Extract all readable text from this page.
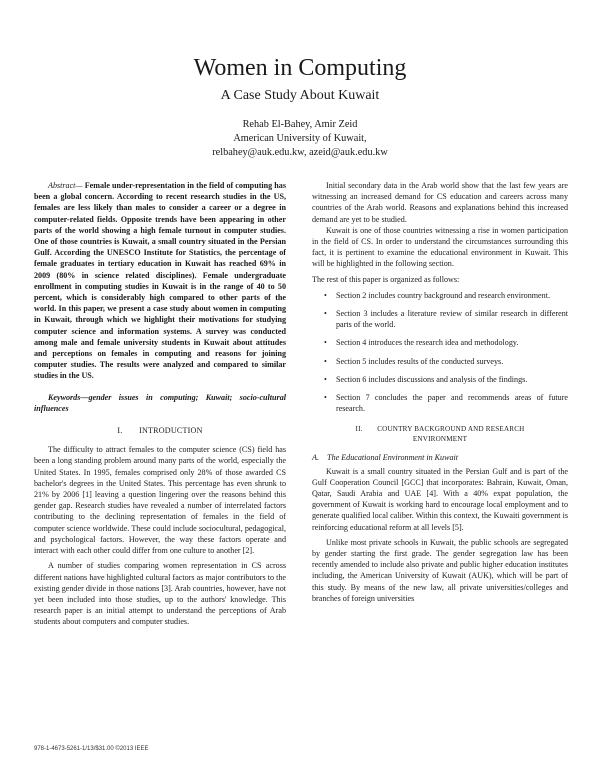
Women in Computing
A Case Study About Kuwait
Rehab El-Bahey, Amir Zeid
American University of Kuwait,
relbahey@auk.edu.kw, azeid@auk.edu.kw

Abstract— Female under-representation in the field of computing has been a global concern. According to recent research studies in the US, females are less likely than males to consider a career or a degree in computer-related fields. Opposite trends have been appearing in other parts of the world showing a high female turnout in computer studies. One of those countries is Kuwait, a small country situated in the Persian Gulf. According the UNESCO Institute for Statistics, the percentage of female graduates in tertiary education in Kuwait has reached 69% in 2009 (80% in science related disciplines). Female undergraduate enrollment in computing studies in Kuwait is in the range of 40 to 50 percent, which is considerably high compared to other parts of the world. In this paper, we present a case study about women in computing in Kuwait, through which we highlight their motivations for studying computer science and information systems. A survey was conducted among male and female university students in Kuwait about attitudes and perceptions on females in computing and reasons for joining computer studies. The results were analyzed and compared to similar studies in the US.

Keywords—gender issues in computing; Kuwait; socio-cultural influences

I.  INTRODUCTION

The difficulty to attract females to the computer science (CS) field has been a long standing problem around many parts of the world, especially the United States. In 1995, females comprised only 28% of those awarded CS bachelor's degrees in the United States. This percentage has even shrunk to 21% by 2006 [1] leaving a question lingering over the reasons behind this gender gap. Research studies have revealed a number of interrelated factors contributing to the declining representation of females in the field of computer science worldwide. These could include sociocultural, pedagogical, and psychological factors. However, the way these factors operate and interact with each other could differ from one culture to another [2].

A number of studies comparing women representation in CS across different nations have highlighted cultural factors as major contributors to the existing gender divide in those nations [3]. Arab countries, however, have not yet been included into those studies, up to the authors' knowledge. This research paper is an initial attempt to understand the perceptions of Arab students about computers and computer studies.

Initial secondary data in the Arab world show that the last few years are witnessing an increased demand for CS education and careers across many countries of the Arab world. Reasons and explanations behind this increased demand are yet to be studied.

Kuwait is one of those countries witnessing a rise in women participation in the field of CS. In order to understand the circumstances surrounding this fact, it is pertinent to examine the educational environment in Kuwait. This will be highlighted in the following section.

The rest of this paper is organized as follows:

• Section 2 includes country background and research environment.
• Section 3 includes a literature review of similar research in different parts of the world.
• Section 4 introduces the research idea and methodology.
• Section 5 includes results of the conducted surveys.
• Section 6 includes discussions and analysis of the findings.
• Section 7 concludes the paper and recommends areas of future research.
II.  COUNTRY BACKGROUND AND RESEARCH
ENVIRONMENT
A. The Educational Environment in Kuwait

Kuwait is a small country situated in the Persian Gulf and is part of the Gulf Cooperation Council [GCC] that incorporates: Bahrain, Kuwait, Oman, Qatar, Saudi Arabia and UAE [4]. With a 40% expat population, the government of Kuwait is working hard to encourage local employment and to generate qualified local caliber. Within this context, the Kuwaiti government is reinforcing educational reform at all levels [5].

Unlike most private schools in Kuwait, the public schools are segregated by gender starting the first grade. The gender segregation law has been recently amended to include also private and public higher education institutes including, the American University of Kuwait (AUK), which will be part of this study. By means of the new law, all private universities/colleges and branches of foreign universities

978-1-4673-5261-1/13/$31.00 ©2013 IEEE
